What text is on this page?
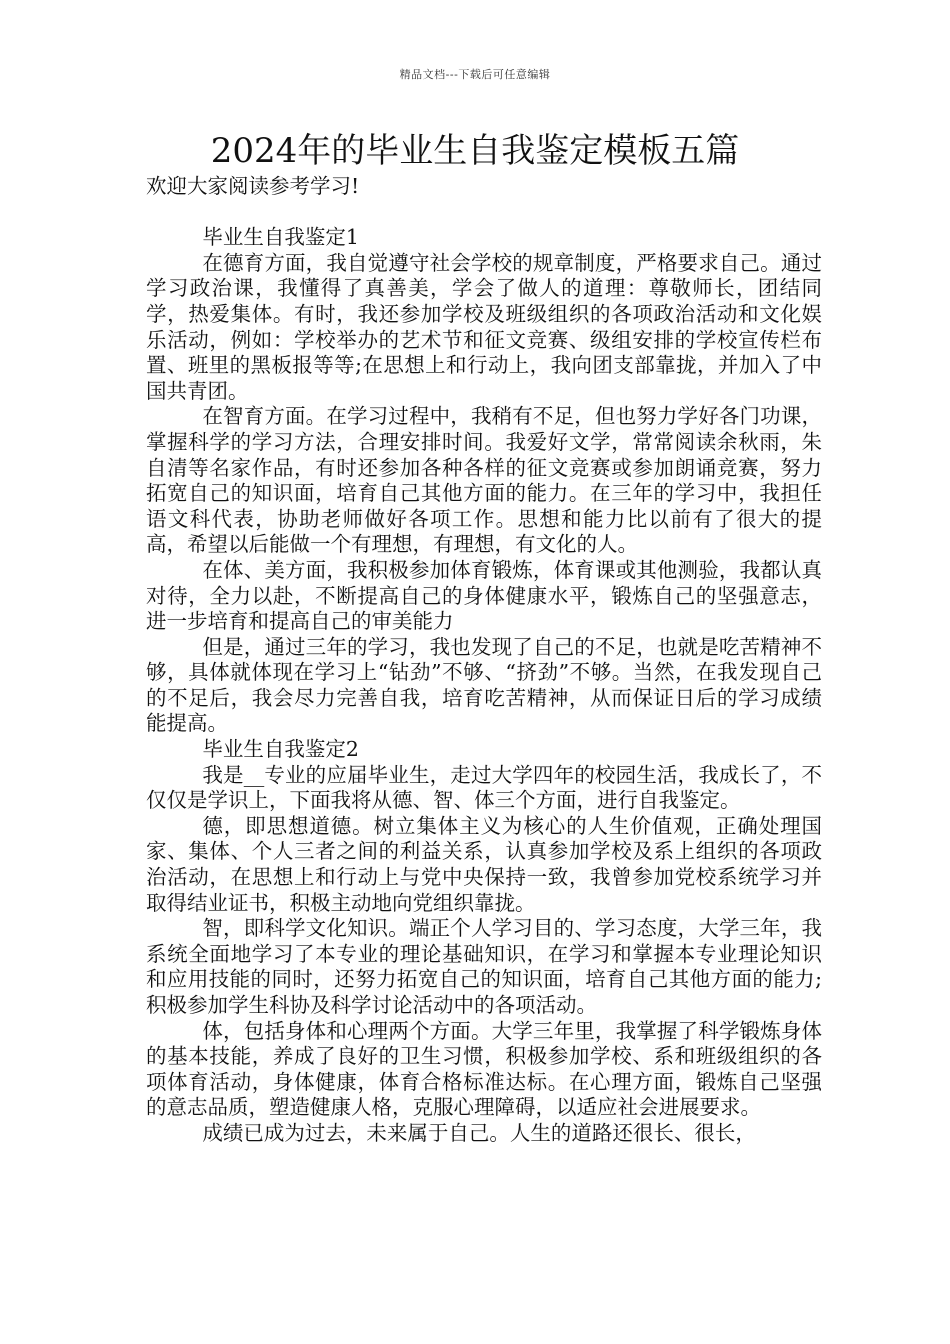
精品文档---下载后可任意编辑
2024年的毕业生自我鉴定模板五篇

欢迎大家阅读参考学习!

毕业生自我鉴定1

在德育方面，我自觉遵守社会学校的规章制度，严格要求自己。通过学习政治课，我懂得了真善美，学会了做人的道理：尊敬师长，团结同学，热爱集体。有时，我还参加学校及班级组织的各项政治活动和文化娱乐活动，例如：学校举办的艺术节和征文竞赛、级组安排的学校宣传栏布置、班里的黑板报等等;在思想上和行动上，我向团支部靠拢，并加入了中国共青团。

在智育方面。在学习过程中，我稍有不足，但也努力学好各门功课，掌握科学的学习方法，合理安排时间。我爱好文学，常常阅读余秋雨，朱自清等名家作品，有时还参加各种各样的征文竞赛或参加朗诵竞赛，努力拓宽自己的知识面，培育自己其他方面的能力。在三年的学习中，我担任语文科代表，协助老师做好各项工作。思想和能力比以前有了很大的提高，希望以后能做一个有理想，有理想，有文化的人。

在体、美方面，我积极参加体育锻炼，体育课或其他测验，我都认真对待，全力以赴，不断提高自己的身体健康水平，锻炼自己的坚强意志，进一步培育和提高自己的审美能力

但是，通过三年的学习，我也发现了自己的不足，也就是吃苦精神不够，具体就体现在学习上“钻劲”不够、“挤劲”不够。当然，在我发现自己的不足后，我会尽力完善自我，培育吃苦精神，从而保证日后的学习成绩能提高。

毕业生自我鉴定2

我是__专业的应届毕业生，走过大学四年的校园生活，我成长了，不仅仅是学识上，下面我将从德、智、体三个方面，进行自我鉴定。

德，即思想道德。树立集体主义为核心的人生价值观，正确处理国家、集体、个人三者之间的利益关系，认真参加学校及系上组织的各项政治活动，在思想上和行动上与党中央保持一致，我曾参加党校系统学习并取得结业证书，积极主动地向党组织靠拢。

智，即科学文化知识。端正个人学习目的、学习态度，大学三年，我系统全面地学习了本专业的理论基础知识，在学习和掌握本专业理论知识和应用技能的同时，还努力拓宽自己的知识面，培育自己其他方面的能力;积极参加学生科协及科学讨论活动中的各项活动。

体，包括身体和心理两个方面。大学三年里，我掌握了科学锻炼身体的基本技能，养成了良好的卫生习惯，积极参加学校、系和班级组织的各项体育活动，身体健康，体育合格标准达标。在心理方面，锻炼自己坚强的意志品质，塑造健康人格，克服心理障碍，以适应社会进展要求。

成绩已成为过去，未来属于自己。人生的道路还很长、很长，
